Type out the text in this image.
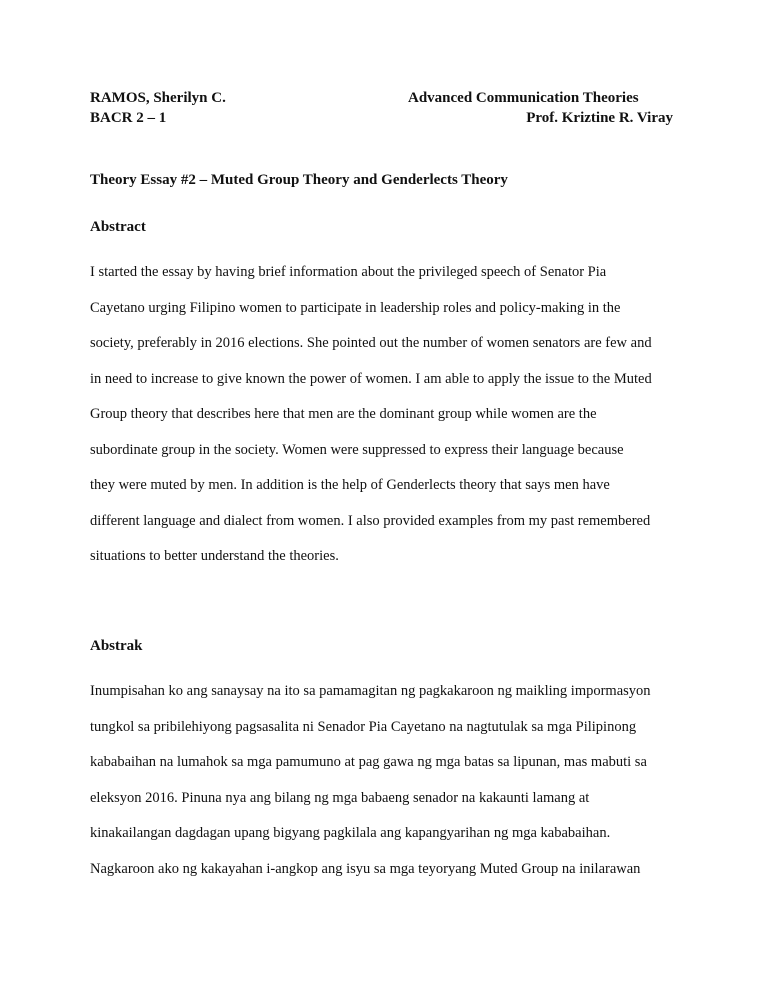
RAMOS, Sherilyn C.
BACR 2 – 1
Advanced Communication Theories
Prof. Kriztine R. Viray
Theory Essay #2 – Muted Group Theory and Genderlects Theory
Abstract
I started the essay by having brief information about the privileged speech of Senator Pia
Cayetano urging Filipino women to participate in leadership roles and policy-making in the
society, preferably in 2016 elections. She pointed out the number of women senators are few and
in need to increase to give known the power of women. I am able to apply the issue to the Muted
Group theory that describes here that men are the dominant group while women are the
subordinate group in the society. Women were suppressed to express their language because
they were muted by men. In addition is the help of Genderlects theory that says men have
different language and dialect from women. I also provided examples from my past remembered
situations to better understand the theories.
Abstrak
Inumpisahan ko ang sanaysay na ito sa pamamagitan ng pagkakaroon ng maikling impormasyon
tungkol sa pribilehiyong pagsasalita ni Senador Pia Cayetano na nagtutulak sa mga Pilipinong
kababaihan na lumahok sa mga pamumuno at pag gawa ng mga batas sa lipunan, mas mabuti sa
eleksyon 2016. Pinuna nya ang bilang ng mga babaeng senador na kakaunti lamang at
kinakailangan dagdagan upang bigyang pagkilala ang kapangyarihan ng mga kababaihan.
Nagkaroon ako ng kakayahan i-angkop ang isyu sa mga teyoryang Muted Group na inilarawan
